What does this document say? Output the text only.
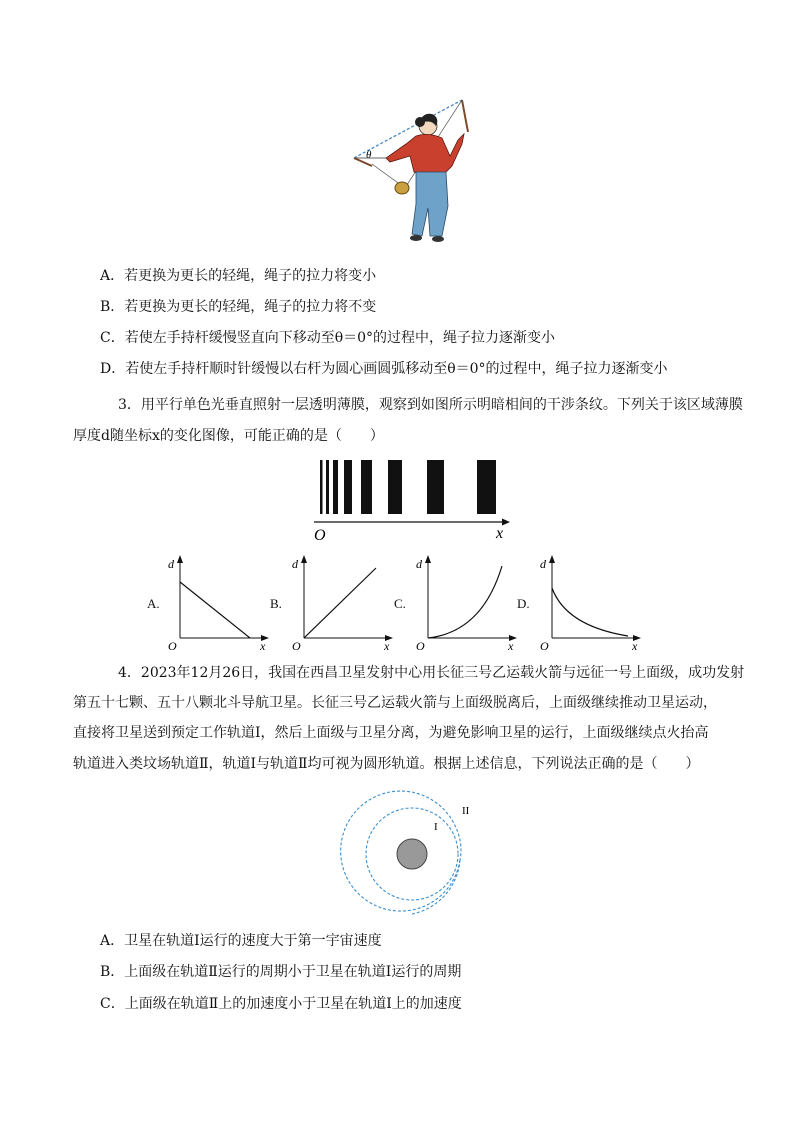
θ
A．若更换为更长的轻绳，绳子的拉力将变小
B．若更换为更长的轻绳，绳子的拉力将不变
C．若使左手持杆缓慢竖直向下移动至θ＝0°的过程中，绳子拉力逐渐变小
D．若使左手持杆顺时针缓慢以右杆为圆心画圆弧移动至θ＝0°的过程中，绳子拉力逐渐变小
3．用平行单色光垂直照射一层透明薄膜，观察到如图所示明暗相间的干涉条纹。下列关于该区域薄膜
厚度d随坐标x的变化图像，可能正确的是（　　）
O	x
A.
d
O	x
B.
d
O	x
C.
d
O	x
D.
d
O	x
4．2023年12月26日，我国在西昌卫星发射中心用长征三号乙运载火箭与远征一号上面级，成功发射
第五十七颗、五十八颗北斗导航卫星。长征三号乙运载火箭与上面级脱离后，上面级继续推动卫星运动，
直接将卫星送到预定工作轨道Ⅰ，然后上面级与卫星分离，为避免影响卫星的运行，上面级继续点火抬高
轨道进入类坟场轨道Ⅱ，轨道Ⅰ与轨道Ⅱ均可视为圆形轨道。根据上述信息，下列说法正确的是（　　）
I
II
A．卫星在轨道Ⅰ运行的速度大于第一宇宙速度
B．上面级在轨道Ⅱ运行的周期小于卫星在轨道Ⅰ运行的周期
C．上面级在轨道Ⅱ上的加速度小于卫星在轨道Ⅰ上的加速度
